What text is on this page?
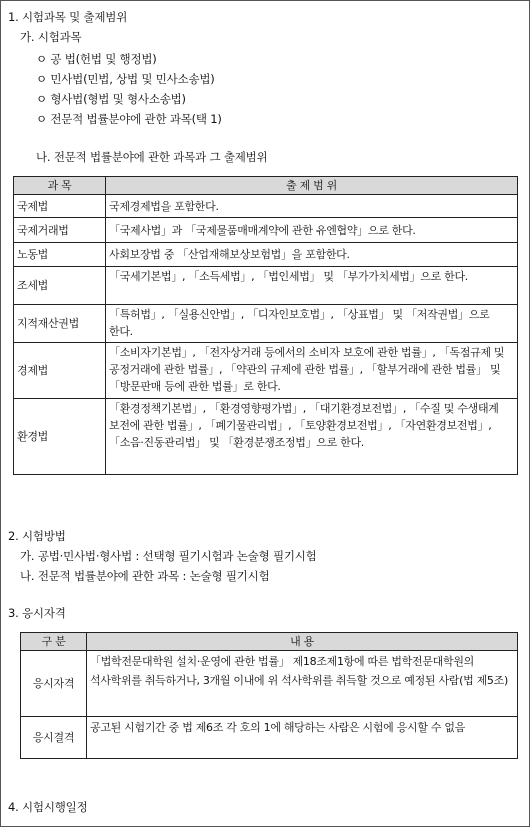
1. 시험과목 및 출제범위
가. 시험과목
ㅇ 공 법(헌법 및 행정법)
ㅇ 민사법(민법, 상법 및 민사소송법)
ㅇ 형사법(형법 및 형사소송법)
ㅇ 전문적 법률분야에 관한 과목(택 1)
나. 전문적 법률분야에 관한 과목과 그 출제범위
과 목	출 제 범 위
국제법	국제경제법을 포함한다.
국제거래법	「국제사법」과 「국제물품매매계약에 관한 유엔협약」으로 한다.
노동법	사회보장법 중 「산업재해보상보험법」을 포함한다.
조세법	「국세기본법」, 「소득세법」, 「법인세법」 및 「부가가치세법」으로 한다.
지적재산권법	「특허법」, 「실용신안법」, 「디자인보호법」, 「상표법」 및 「저작권법」으로 한다.
경제법	「소비자기본법」, 「전자상거래 등에서의 소비자 보호에 관한 법률」, 「독점규제 및 공정거래에 관한 법률」, 「약관의 규제에 관한 법률」, 「할부거래에 관한 법률」 및 「방문판매 등에 관한 법률」로 한다.
환경법	「환경정책기본법」, 「환경영향평가법」, 「대기환경보전법」, 「수질 및 수생태계 보전에 관한 법률」, 「폐기물관리법」, 「토양환경보전법」, 「자연환경보전법」, 「소음·진동관리법」 및 「환경분쟁조정법」으로 한다.
2. 시험방법
가. 공법·민사법·형사법 : 선택형 필기시험과 논술형 필기시험
나. 전문적 법률분야에 관한 과목 : 논술형 필기시험
3. 응시자격
구 분	내 용
응시자격	「법학전문대학원 설치·운영에 관한 법률」 제18조제1항에 따른 법학전문대학원의 석사학위를 취득하거나, 3개월 이내에 위 석사학위를 취득할 것으로 예정된 사람(법 제5조)
응시결격	공고된 시험기간 중 법 제6조 각 호의 1에 해당하는 사람은 시험에 응시할 수 없음
4. 시험시행일정
